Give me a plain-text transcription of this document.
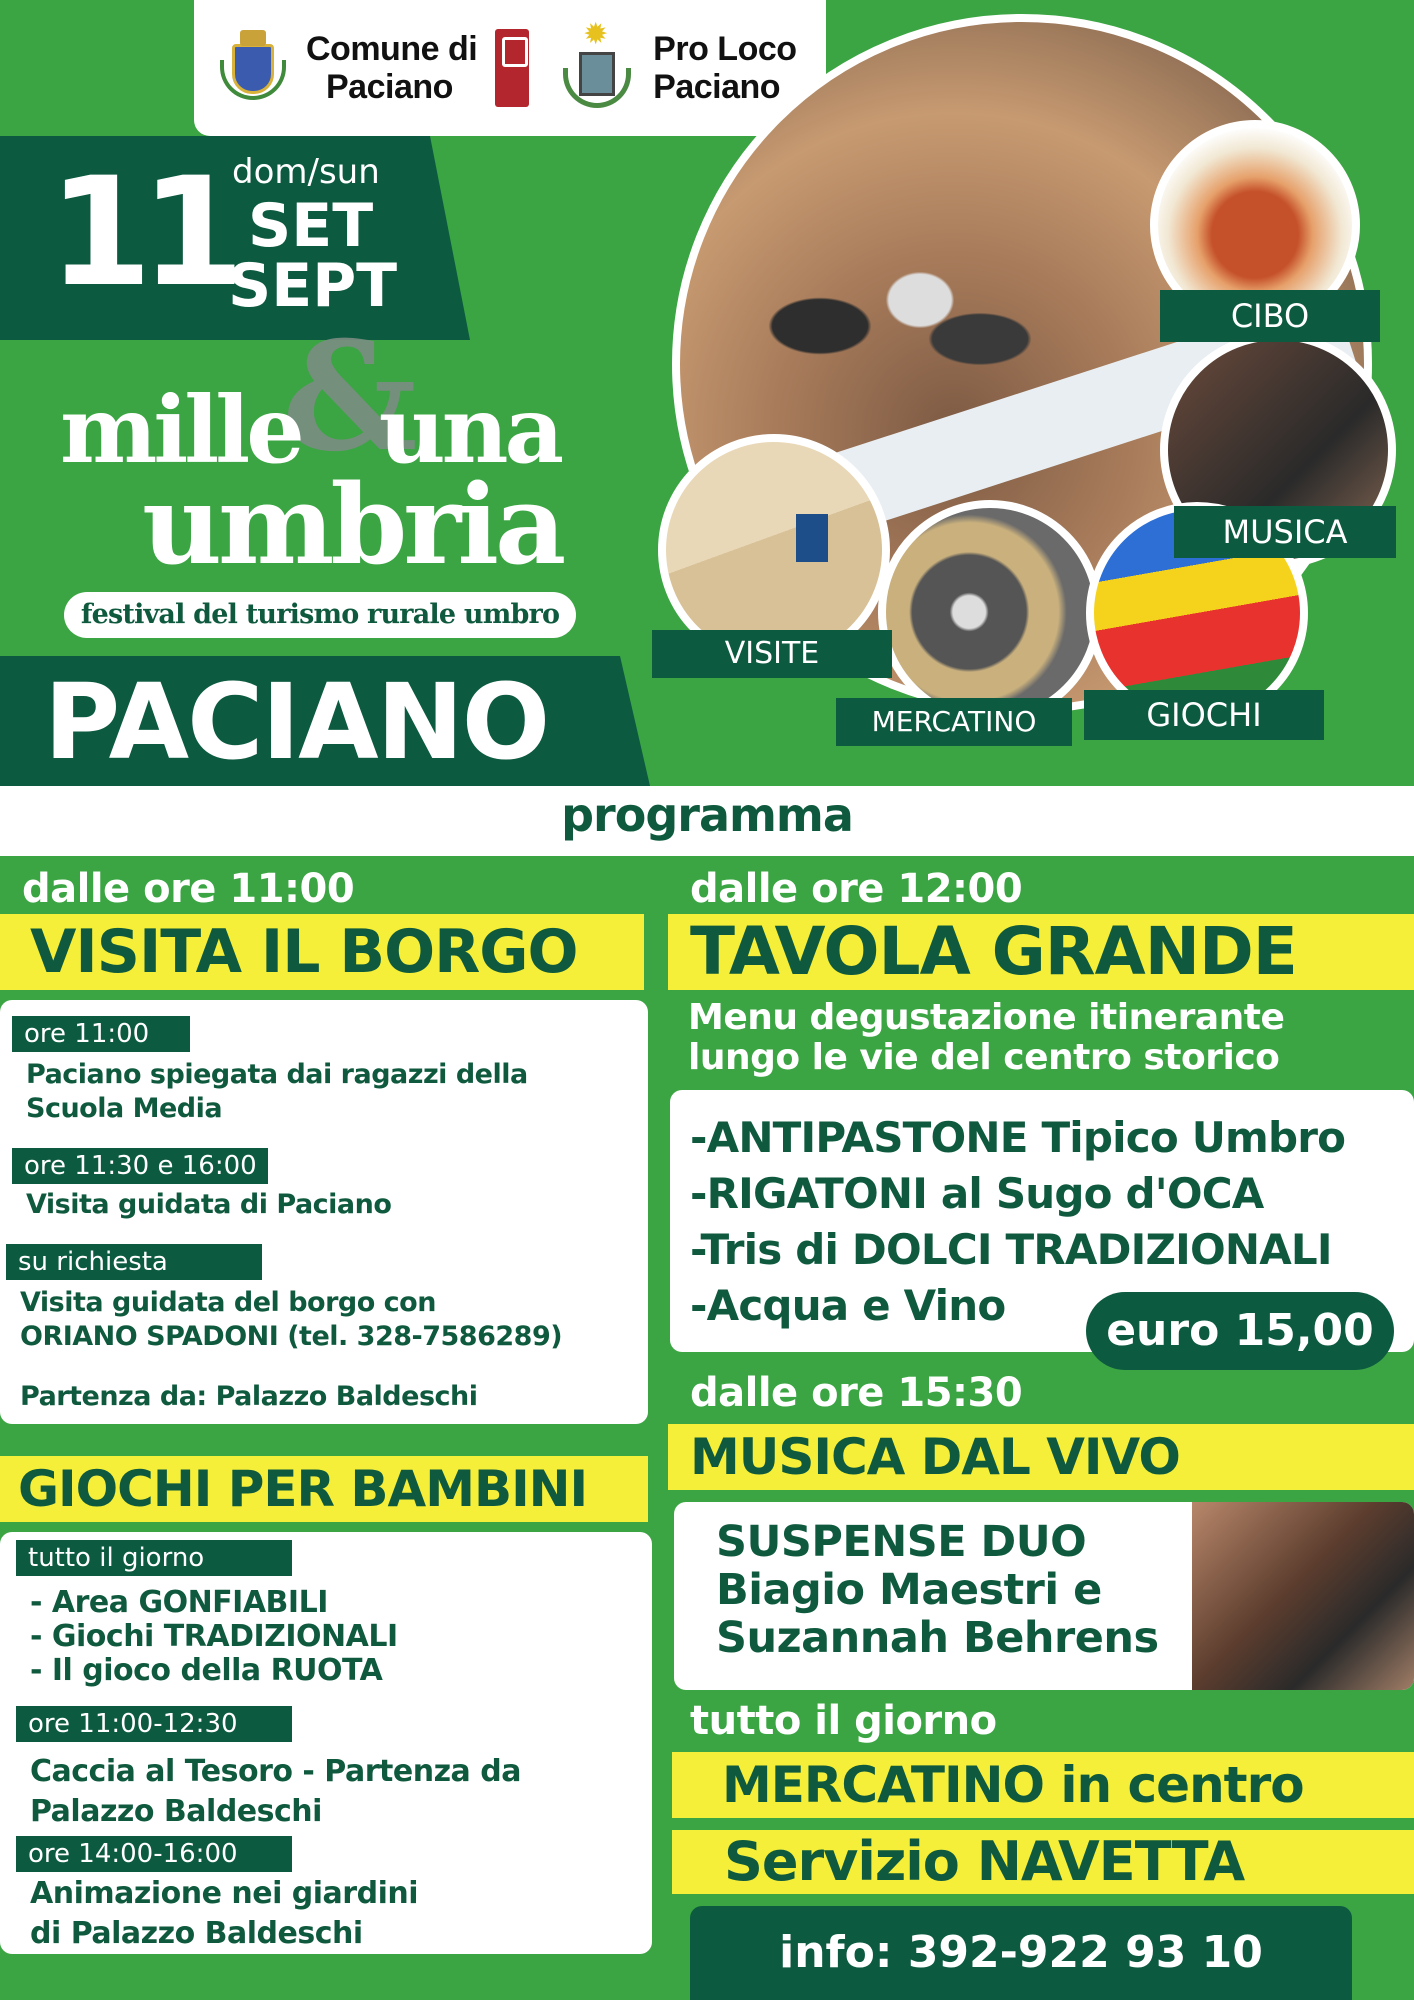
Comune di
Paciano
✹ Pro Loco
Paciano
11 dom/sun
SET
SEPT
&
mille una
umbria
festival del turismo rurale umbro
PACIANO
CIBO
MUSICA
VISITE
MERCATINO	GIOCHI
programma
dalle ore 11:00
VISITA IL BORGO
ore 11:00
Paciano spiegata dai ragazzi della
Scuola Media
ore 11:30 e 16:00
Visita guidata di Paciano
su richiesta
Visita guidata del borgo con
ORIANO SPADONI (tel. 328-7586289)
Partenza da: Palazzo Baldeschi
GIOCHI PER BAMBINI
tutto il giorno
- Area GONFIABILI
- Giochi TRADIZIONALI
- Il gioco della RUOTA
ore 11:00-12:30
Caccia al Tesoro - Partenza da
Palazzo Baldeschi
ore 14:00-16:00
Animazione nei giardini
di Palazzo Baldeschi
dalle ore 12:00
TAVOLA GRANDE
Menu degustazione itinerante
lungo le vie del centro storico
-ANTIPASTONE Tipico Umbro
-RIGATONI al Sugo d'OCA
-Tris di DOLCI TRADIZIONALI
-Acqua e Vino	euro 15,00
dalle ore 15:30
MUSICA DAL VIVO
SUSPENSE DUO
Biagio Maestri e
Suzannah Behrens
tutto il giorno
MERCATINO in centro
Servizio NAVETTA
info: 392-922 93 10
